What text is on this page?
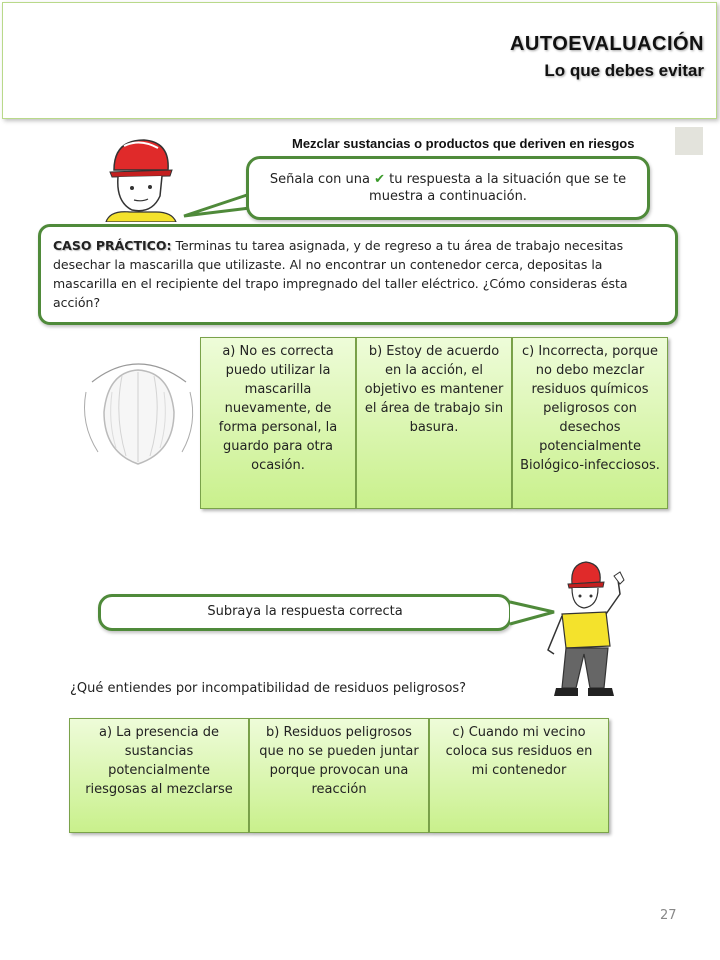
AUTOEVALUACIÓN
Lo que debes evitar
Mezclar sustancias o productos que deriven en riesgos
Señala con una ✔ tu respuesta a la situación que se te muestra a continuación.
CASO PRÁCTICO: Terminas tu tarea asignada, y de regreso a tu área de trabajo necesitas desechar la mascarilla que utilizaste. Al no encontrar un contenedor cerca, depositas la mascarilla en el recipiente del trapo impregnado del taller eléctrico. ¿Cómo consideras ésta acción?
a) No es correcta puedo utilizar la mascarilla nuevamente, de forma personal, la guardo para otra ocasión.
b) Estoy de acuerdo en la acción, el objetivo es mantener el área de trabajo sin basura.
c) Incorrecta, porque no debo mezclar residuos químicos peligrosos con desechos potencialmente Biológico-infecciosos.
Subraya la respuesta correcta
¿Qué entiendes por incompatibilidad de residuos peligrosos?
a) La presencia de sustancias potencialmente riesgosas al mezclarse
b) Residuos peligrosos que no se pueden juntar porque provocan una reacción
c) Cuando mi vecino coloca sus residuos en mi contenedor
27
